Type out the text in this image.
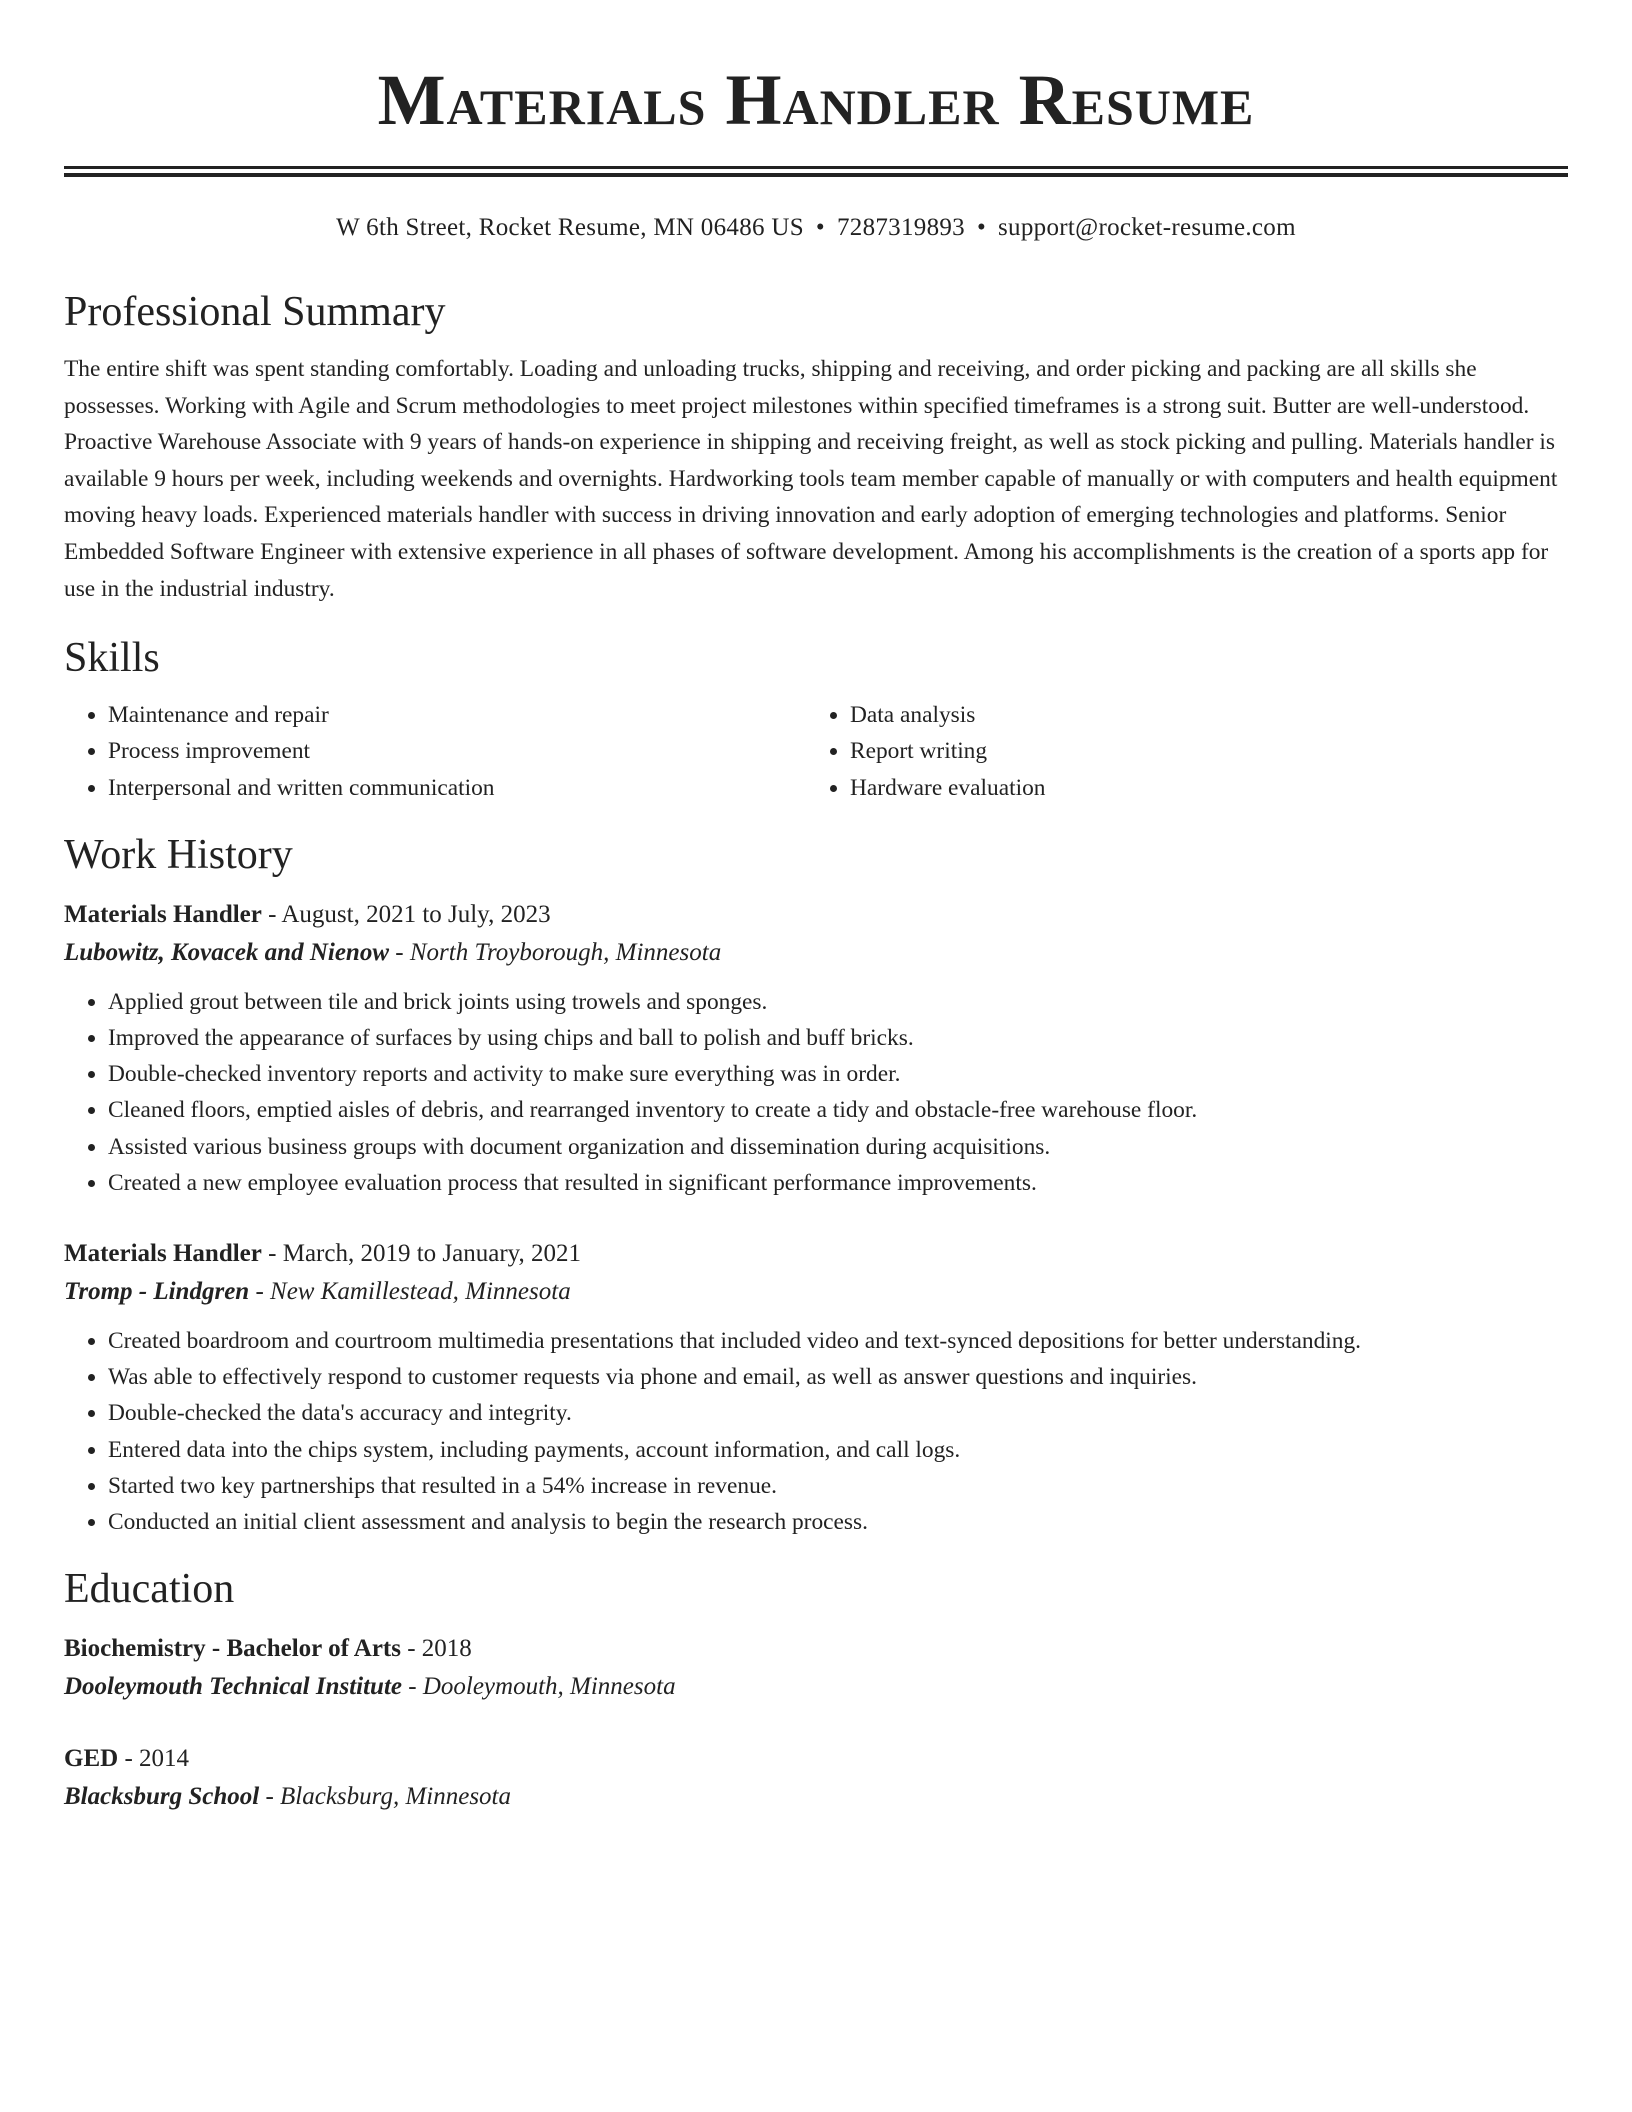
Materials Handler Resume
W 6th Street, Rocket Resume, MN 06486 US • 7287319893 • support@rocket-resume.com
Professional Summary

The entire shift was spent standing comfortably. Loading and unloading trucks, shipping and receiving, and order picking and packing are all skills she possesses. Working with Agile and Scrum methodologies to meet project milestones within specified timeframes is a strong suit. Butter are well-understood. Proactive Warehouse Associate with 9 years of hands-on experience in shipping and receiving freight, as well as stock picking and pulling. Materials handler is available 9 hours per week, including weekends and overnights. Hardworking tools team member capable of manually or with computers and health equipment moving heavy loads. Experienced materials handler with success in driving innovation and early adoption of emerging technologies and platforms. Senior Embedded Software Engineer with extensive experience in all phases of software development. Among his accomplishments is the creation of a sports app for use in the industrial industry.

Skills
• Maintenance and repair
• Process improvement
• Interpersonal and written communication
• Data analysis
• Report writing
• Hardware evaluation
Work History
Materials Handler - August, 2021 to July, 2023
Lubowitz, Kovacek and Nienow - North Troyborough, Minnesota
• Applied grout between tile and brick joints using trowels and sponges.
• Improved the appearance of surfaces by using chips and ball to polish and buff bricks.
• Double-checked inventory reports and activity to make sure everything was in order.
• Cleaned floors, emptied aisles of debris, and rearranged inventory to create a tidy and obstacle-free warehouse floor.
• Assisted various business groups with document organization and dissemination during acquisitions.
• Created a new employee evaluation process that resulted in significant performance improvements.
Materials Handler - March, 2019 to January, 2021
Tromp - Lindgren - New Kamillestead, Minnesota
• Created boardroom and courtroom multimedia presentations that included video and text-synced depositions for better understanding.
• Was able to effectively respond to customer requests via phone and email, as well as answer questions and inquiries.
• Double-checked the data's accuracy and integrity.
• Entered data into the chips system, including payments, account information, and call logs.
• Started two key partnerships that resulted in a 54% increase in revenue.
• Conducted an initial client assessment and analysis to begin the research process.
Education
Biochemistry - Bachelor of Arts - 2018
Dooleymouth Technical Institute - Dooleymouth, Minnesota
GED - 2014
Blacksburg School - Blacksburg, Minnesota
